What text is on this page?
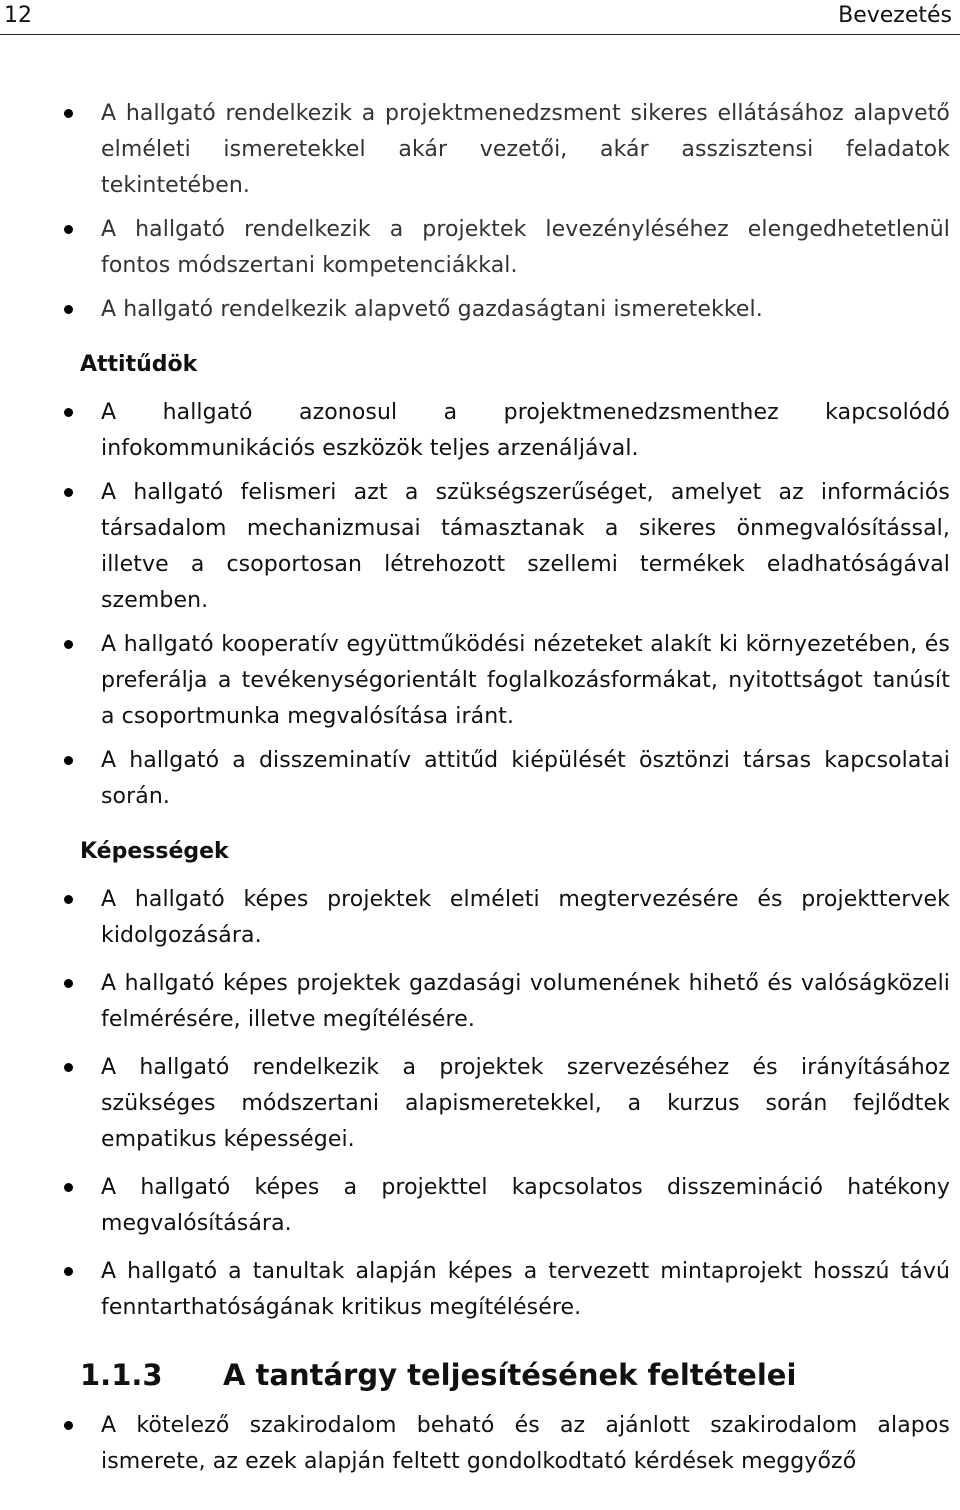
12	Bevezetés
A hallgató rendelkezik a projektmenedzsment sikeres ellátásához alapvető elméleti ismeretekkel akár vezetői, akár asszisztensi feladatok tekintetében.
A hallgató rendelkezik a projektek levezényléséhez elengedhetetlenül fontos módszertani kompetenciákkal.
A hallgató rendelkezik alapvető gazdaságtani ismeretekkel.
Attitűdök
A hallgató azonosul a projektmenedzsmenthez kapcsolódó infokommunikációs eszközök teljes arzenáljával.
A hallgató felismeri azt a szükségszerűséget, amelyet az információs társadalom mechanizmusai támasztanak a sikeres önmegvalósítással, illetve a csoportosan létrehozott szellemi termékek eladhatóságával szemben.
A hallgató kooperatív együttműködési nézeteket alakít ki környezetében, és preferálja a tevékenységorientált foglalkozásformákat, nyitottságot tanúsít a csoportmunka megvalósítása iránt.
A hallgató a disszeminatív attitűd kiépülését ösztönzi társas kapcsolatai során.
Képességek
A hallgató képes projektek elméleti megtervezésére és projekttervek kidolgozására.
A hallgató képes projektek gazdasági volumenének hihető és valóságközeli felmérésére, illetve megítélésére.
A hallgató rendelkezik a projektek szervezéséhez és irányításához szükséges módszertani alapismeretekkel, a kurzus során fejlődtek empatikus képességei.
A hallgató képes a projekttel kapcsolatos disszemináció hatékony megvalósítására.
A hallgató a tanultak alapján képes a tervezett mintaprojekt hosszú távú fenntarthatóságának kritikus megítélésére.
1.1.3 A tantárgy teljesítésének feltételei
A kötelező szakirodalom beható és az ajánlott szakirodalom alapos ismerete, az ezek alapján feltett gondolkodtató kérdések meggyőző
